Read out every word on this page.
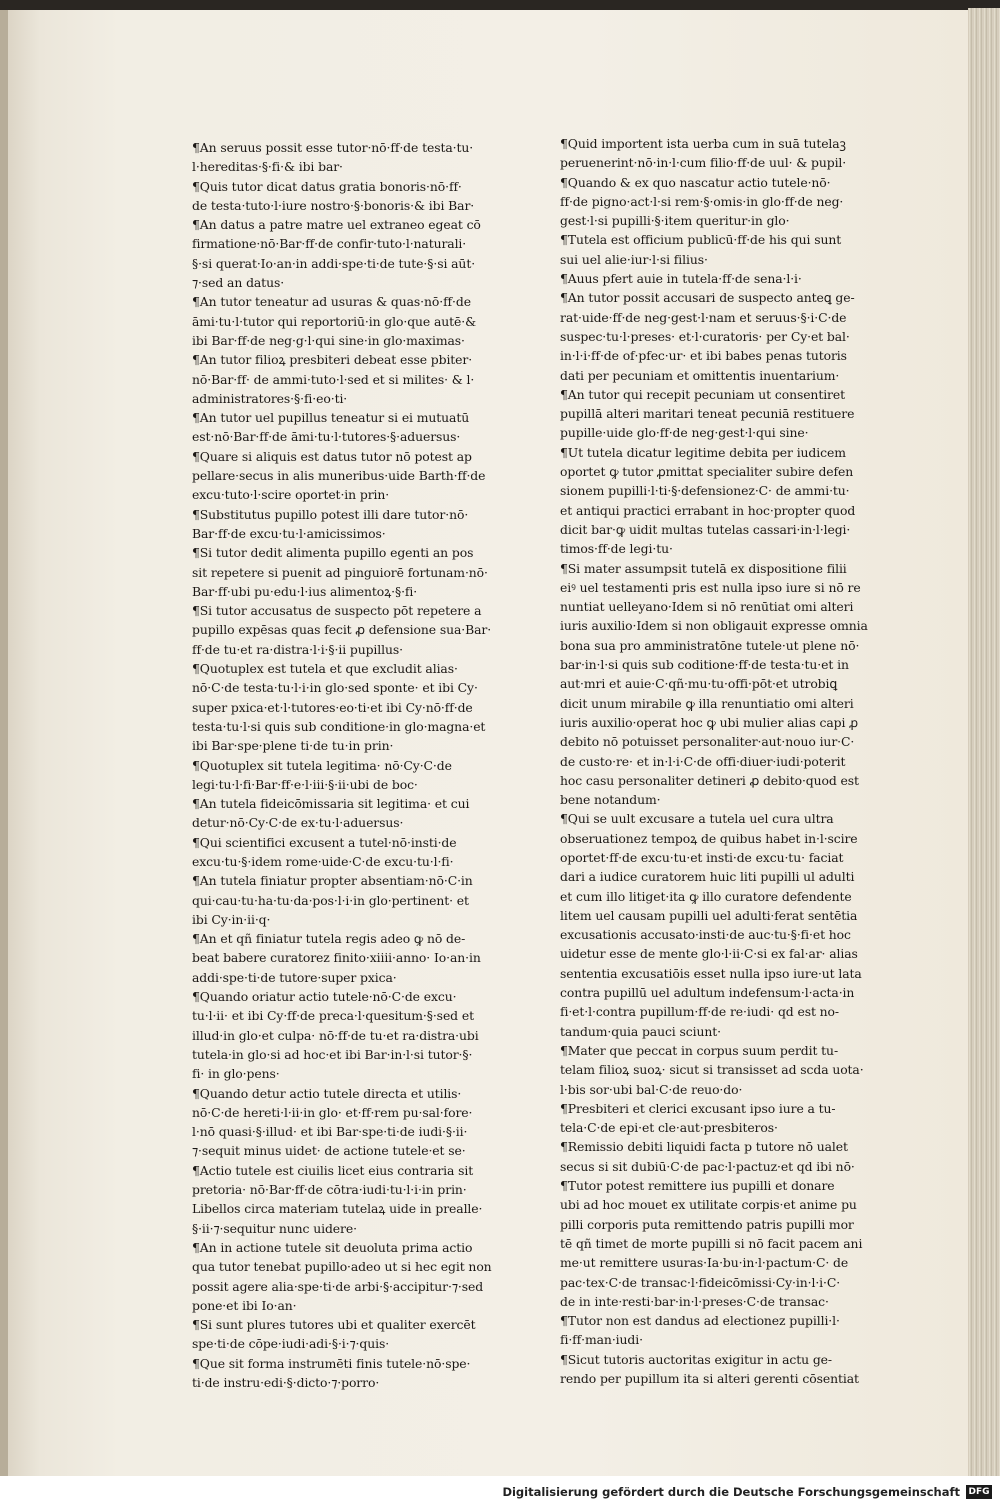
¶An seruus possit esse tutor·nō·ff·de testa·tu·
l·hereditas·§·fi·& ibi bar·
¶Quis tutor dicat datus gratia bonoris·nō·ff·
de testa·tuto·l·iure nostro·§·bonoris·& ibi Bar·
¶An datus a patre matre uel extraneo egeat cō
firmatione·nō·Bar·ff·de confir·tuto·l·naturali·
§·si querat·Io·an·in addi·spe·ti·de tute·§·si aūt·
⁊·sed an datus·
¶An tutor teneatur ad usuras & quas·nō·ff·de
āmi·tu·l·tutor qui reportoriū·in glo·que autē·&
ibi Bar·ff·de neg·g·l·qui sine·in glo·maximas·
¶An tutor filioꝝ presbiteri debeat esse pbiter·
nō·Bar·ff· de ammi·tuto·l·sed et si milites· & l·
administratores·§·fi·eo·ti·
¶An tutor uel pupillus teneatur si ei mutuatū
est·nō·Bar·ff·de āmi·tu·l·tutores·§·aduersus·
¶Quare si aliquis est datus tutor nō potest ap
pellare·secus in alis muneribus·uide Barth·ff·de
excu·tuto·l·scire oportet·in prin·
¶Substitutus pupillo potest illi dare tutor·nō·
Bar·ff·de excu·tu·l·amicissimos·
¶Si tutor dedit alimenta pupillo egenti an pos
sit repetere si puenit ad pinguiorē fortunam·nō·
Bar·ff·ubi pu·edu·l·ius alimentoꝝ·§·fi·
¶Si tutor accusatus de suspecto pōt repetere a
pupillo expēsas quas fecit ꝓ defensione sua·Bar·
ff·de tu·et ra·distra·l·i·§·ii pupillus·
¶Quotuplex est tutela et que excludit alias·
nō·C·de testa·tu·l·i·in glo·sed sponte· et ibi Cy·
super pxica·et·l·tutores·eo·ti·et ibi Cy·nō·ff·de
testa·tu·l·si quis sub conditione·in glo·magna·et
ibi Bar·spe·plene ti·de tu·in prin·
¶Quotuplex sit tutela legitima· nō·Cy·C·de
legi·tu·l·fi·Bar·ff·e·l·iii·§·ii·ubi de boc·
¶An tutela fideicōmissaria sit legitima· et cui
detur·nō·Cy·C·de ex·tu·l·aduersus·
¶Qui scientifici excusent a tutel·nō·insti·de
excu·tu·§·idem rome·uide·C·de excu·tu·l·fi·
¶An tutela finiatur propter absentiam·nō·C·in
qui·cau·tu·ha·tu·da·pos·l·i·in glo·pertinent· et
ibi Cy·in·ii·q·
¶An et qñ finiatur tutela regis adeo ꝙ nō de-
beat babere curatorez finito·xiiii·anno· Io·an·in
addi·spe·ti·de tutore·super pxica·
¶Quando oriatur actio tutele·nō·C·de excu·
tu·l·ii· et ibi Cy·ff·de preca·l·quesitum·§·sed et
illud·in glo·et culpa· nō·ff·de tu·et ra·distra·ubi
tutela·in glo·si ad hoc·et ibi Bar·in·l·si tutor·§·
fi· in glo·pens·
¶Quando detur actio tutele directa et utilis·
nō·C·de hereti·l·ii·in glo· et·ff·rem pu·sal·fore·
l·nō quasi·§·illud· et ibi Bar·spe·ti·de iudi·§·ii·
⁊·sequit minus uidet· de actione tutele·et se·
¶Actio tutele est ciuilis licet eius contraria sit
pretoria· nō·Bar·ff·de cōtra·iudi·tu·l·i·in prin·
Libellos circa materiam tutelaꝝ uide in prealle·
§·ii·⁊·sequitur nunc uidere·
¶An in actione tutele sit deuoluta prima actio
qua tutor tenebat pupillo·adeo ut si hec egit non
possit agere alia·spe·ti·de arbi·§·accipitur·⁊·sed
pone·et ibi Io·an·
¶Si sunt plures tutores ubi et qualiter exercēt
spe·ti·de cōpe·iudi·adi·§·i·⁊·quis·
¶Que sit forma instrumēti finis tutele·nō·spe·
ti·de instru·edi·§·dicto·⁊·porro·
¶Quid importent ista uerba cum in suā tutelaꝫ
peruenerint·nō·in·l·cum filio·ff·de uul· & pupil·
¶Quando & ex quo nascatur actio tutele·nō·
ff·de pigno·act·l·si rem·§·omis·in glo·ff·de neg·
gest·l·si pupilli·§·item queritur·in glo·
¶Tutela est officium publicū·ff·de his qui sunt
sui uel alie·iur·l·si filius·
¶Auus pfert auie in tutela·ff·de sena·l·i·
¶An tutor possit accusari de suspecto anteꝗ ge-
rat·uide·ff·de neg·gest·l·nam et seruus·§·i·C·de
suspec·tu·l·preses· et·l·curatoris· per Cy·et bal·
in·l·i·ff·de of·pfec·ur· et ibi babes penas tutoris
dati per pecuniam et omittentis inuentarium·
¶An tutor qui recepit pecuniam ut consentiret
pupillā alteri maritari teneat pecuniā restituere
pupille·uide glo·ff·de neg·gest·l·qui sine·
¶Ut tutela dicatur legitime debita per iudicem
oportet ꝙ tutor ꝓmittat specialiter subire defen
sionem pupilli·l·ti·§·defensionez·C· de ammi·tu·
et antiqui practici errabant in hoc·propter quod
dicit bar·ꝙ uidit multas tutelas cassari·in·l·legi·
timos·ff·de legi·tu·
¶Si mater assumpsit tutelā ex dispositione filii
eiꝰ uel testamenti pris est nulla ipso iure si nō re
nuntiat uelleyano·Idem si nō renūtiat omi alteri
iuris auxilio·Idem si non obligauit expresse omnia
bona sua pro amministratōne tutele·ut plene nō·
bar·in·l·si quis sub coditione·ff·de testa·tu·et in
aut·mri et auie·C·qñ·mu·tu·offi·pōt·et utrobiꝗ
dicit unum mirabile ꝙ illa renuntiatio omi alteri
iuris auxilio·operat hoc ꝙ ubi mulier alias capi ꝓ
debito nō potuisset personaliter·aut·nouo iur·C·
de custo·re· et in·l·i·C·de offi·diuer·iudi·poterit
hoc casu personaliter detineri ꝓ debito·quod est
bene notandum·
¶Qui se uult excusare a tutela uel cura ultra
obseruationez tempoꝝ de quibus habet in·l·scire
oportet·ff·de excu·tu·et insti·de excu·tu· faciat
dari a iudice curatorem huic liti pupilli ul adulti
et cum illo litiget·ita ꝙ illo curatore defendente
litem uel causam pupilli uel adulti·ferat sentētia
excusationis accusato·insti·de auc·tu·§·fi·et hoc
uidetur esse de mente glo·l·ii·C·si ex fal·ar· alias
sententia excusatiōis esset nulla ipso iure·ut lata
contra pupillū uel adultum indefensum·l·acta·in
fi·et·l·contra pupillum·ff·de re·iudi· qd est no-
tandum·quia pauci sciunt·
¶Mater que peccat in corpus suum perdit tu-
telam filioꝝ suoꝝ· sicut si transisset ad scda uota·
l·bis sor·ubi bal·C·de reuo·do·
¶Presbiteri et clerici excusant ipso iure a tu-
tela·C·de epi·et cle·aut·presbiteros·
¶Remissio debiti liquidi facta p tutore nō ualet
secus si sit dubiū·C·de pac·l·pactuz·et qd ibi nō·
¶Tutor potest remittere ius pupilli et donare
ubi ad hoc mouet ex utilitate corpis·et anime pu
pilli corporis puta remittendo patris pupilli mor
tē qñ timet de morte pupilli si nō facit pacem ani
me·ut remittere usuras·Ia·bu·in·l·pactum·C· de
pac·tex·C·de transac·l·fideicōmissi·Cy·in·l·i·C·
de in inte·resti·bar·in·l·preses·C·de transac·
¶Tutor non est dandus ad electionez pupilli·l·
fi·ff·man·iudi·
¶Sicut tutoris auctoritas exigitur in actu ge-
rendo per pupillum ita si alteri gerenti cōsentiat
Digitalisierung gefördert durch die Deutsche Forschungsgemeinschaft DFG
